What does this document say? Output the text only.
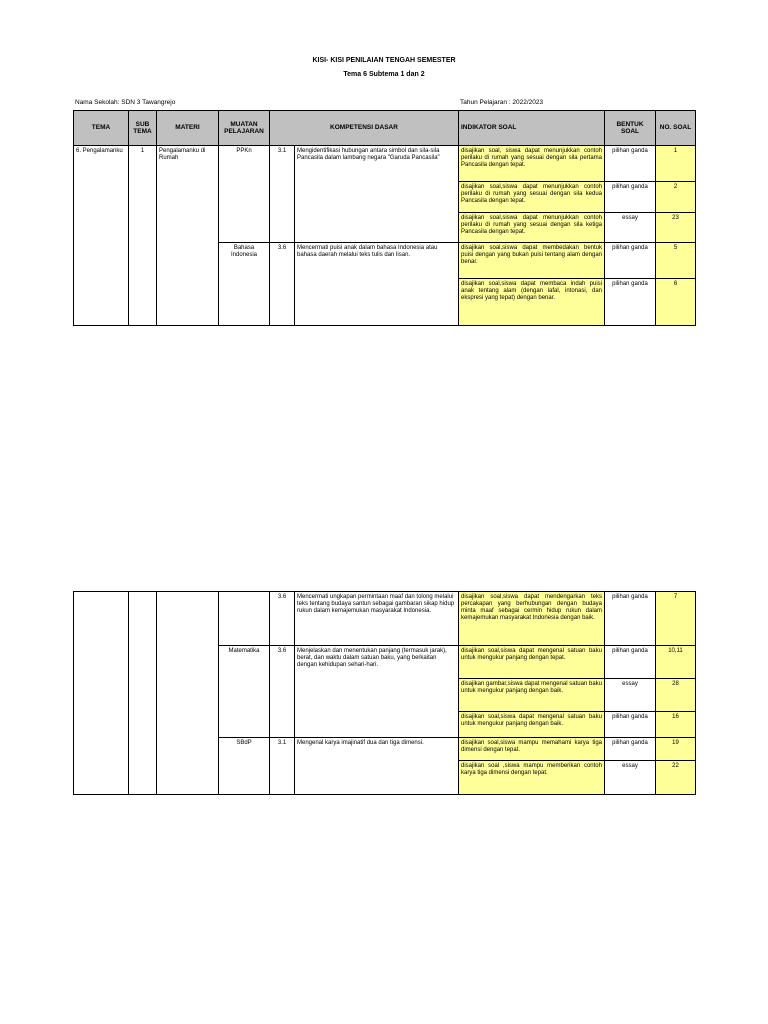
KISI- KISI PENILAIAN TENGAH SEMESTER
Tema 6 Subtema 1 dan 2
Nama Sekolah: SDN 3 Tawangrejo	Tahun Pelajaran : 2022/2023
TEMA	SUB TEMA	MATERI	MUATAN PELAJARAN	KOMPETENSI DASAR		INDIKATOR SOAL	BENTUK SOAL	NO. SOAL
6. Pengalamanku	1	Pengalamanku di Rumah	PPKn	3.1	Mengidentifikasi hubungan antara simbol dan sila-sila Pancasila dalam lambang negara "Garuda Pancasila"	disajikan soal, siswa dapat menunjukkan contoh perilaku di rumah yang sesuai dengan sila pertama Pancasila dengan tepat.	pilihan ganda	1
						disajikan soal,siswa dapat menunjukkan contoh perilaku di rumah yang sesuai dengan sila kedua Pancasila dengan tepat.	pilihan ganda	2
						disajikan soal,siswa dapat menunjukkan contoh perilaku di rumah yang sesuai dengan sila ketiga Pancasila dengan tepat.	essay	23
			Bahasa Indonesia	3.6	Mencermati puisi anak dalam bahasa Indonesia atau bahasa daerah melalui teks tulis dan lisan.	disajikan soal,siswa dapat membedakan bentuk puisi dengan yang bukan puisi tentang alam dengan benar.	pilihan ganda	5
						disajikan soal,siswa dapat membaca indah puisi anak tentang alam (dengan lafal, intonasi, dan ekspresi yang tepat) dengan benar.	pilihan ganda	6
				3.6	Mencermati ungkapan permintaan maaf dan tolong melalui teks tentang budaya santun sebagai gambaran sikap hidup rukun dalam kemajemukan masyarakat Indonesia.	disajikan soal,siswa dapat mendengarkan teks percakapan yang berhubungan dengan budaya minta maaf sebagai cermin hidup rukun dalam kemajemukan masyarakat Indonesia dengan baik.	pilihan ganda	7
			Matematika	3.6	Menjelaskan dan menentukan panjang (termasuk jarak), berat, dan waktu dalam satuan baku, yang berkaitan dengan kehidupan sehari-hari.	disajikan soal,siswa dapat mengenal satuan baku untuk mengukur panjang dengan tepat.	pilihan ganda	10,11
						disajikan gambar,siswa dapat mengenal satuan baku untuk mengukur panjang dengan baik.	essay	28
						disajikan soal,siswa dapat mengenal satuan baku untuk mengukur panjang dengan baik.	pilihan ganda	16
			SBdP	3.1	Mengenal karya imajinatif dua dan tiga dimensi.	disajikan soal,siswa mampu memahami karya tiga dimensi dengan tepat.	pilihan ganda	19
						disajikan soal ,siswa mampu memberikan contoh karya tiga dimensi dengan tepat.	essay	22
